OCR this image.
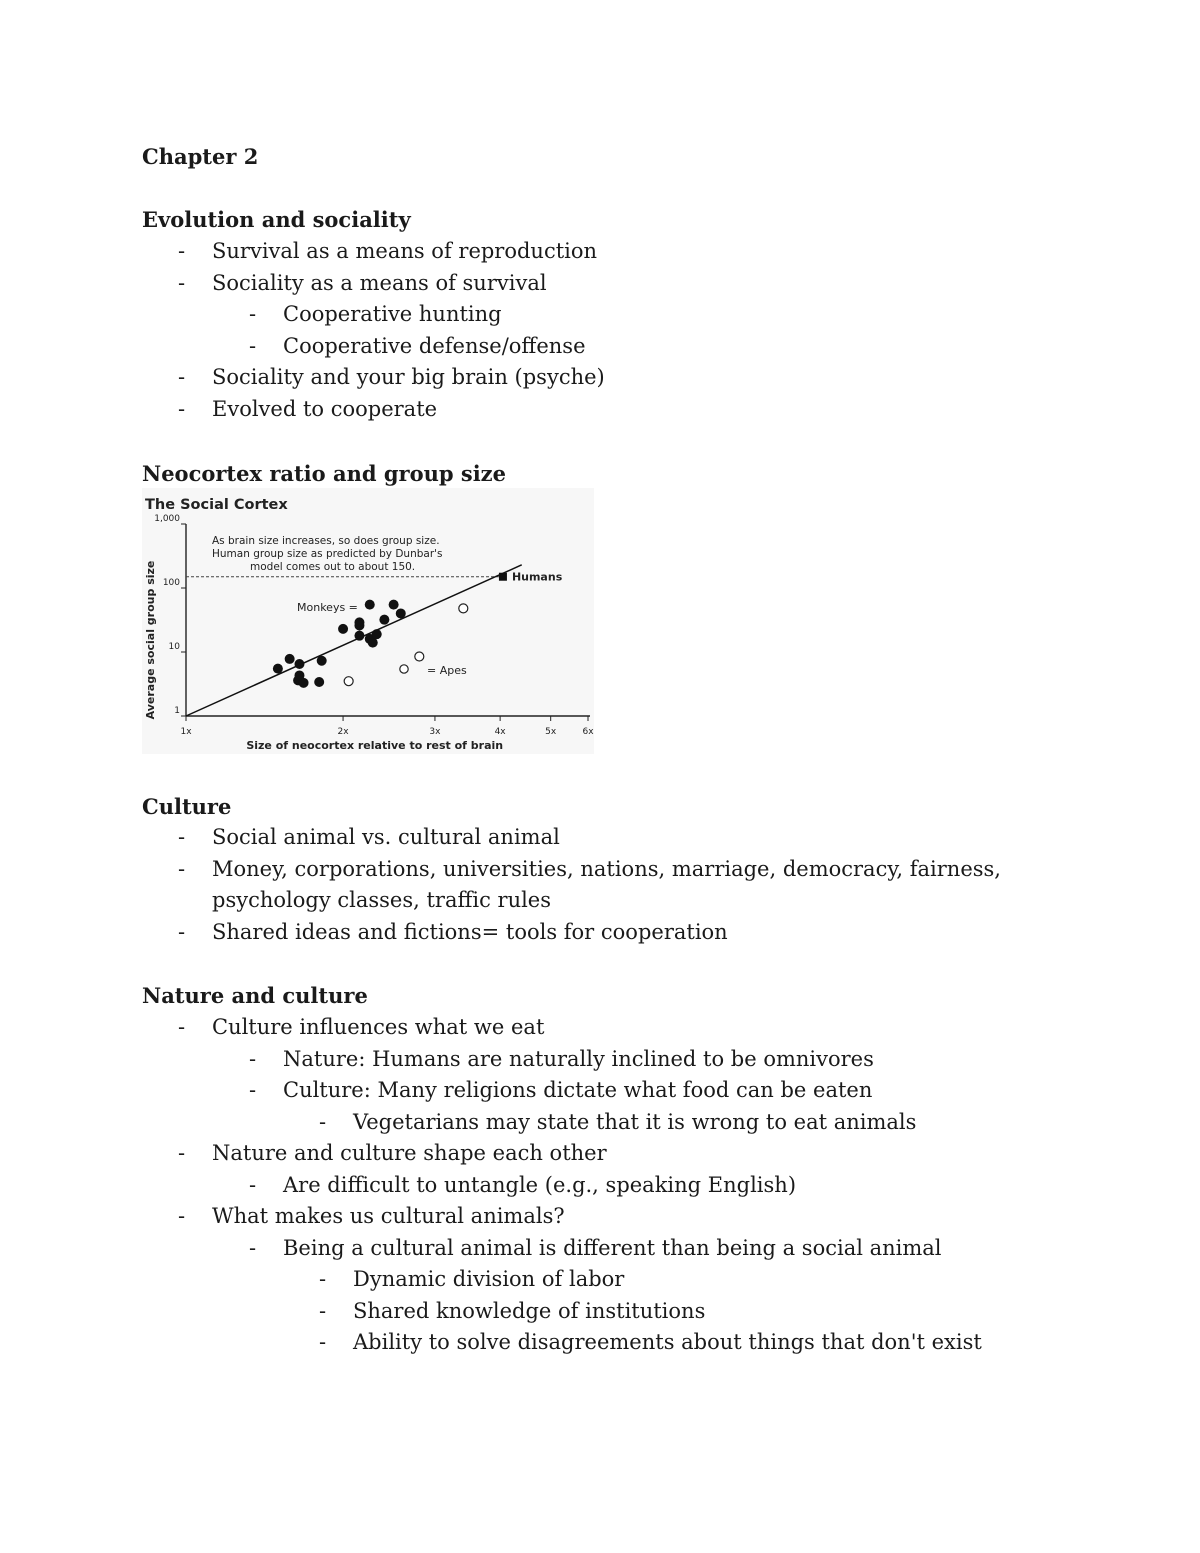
Chapter 2
Evolution and sociality
- Survival as a means of reproduction
- Sociality as a means of survival
- Cooperative hunting
- Cooperative defense/offense
- Sociality and your big brain (psyche)
- Evolved to cooperate
Neocortex ratio and group size
The Social Cortex
1
10
100
1,000
1x	2x	3x	4x	5x	6x
Size of neocortex relative to rest of brain
Average social group size	Humans
As brain size increases, so does group size.
Human group size as predicted by Dunbar's
model comes out to about 150.
Monkeys =
= Apes
Culture
- Social animal vs. cultural animal
- Money, corporations, universities, nations, marriage, democracy, fairness,
psychology classes, traffic rules
- Shared ideas and fictions= tools for cooperation
Nature and culture
- Culture influences what we eat
- Nature: Humans are naturally inclined to be omnivores
- Culture: Many religions dictate what food can be eaten
- Vegetarians may state that it is wrong to eat animals
- Nature and culture shape each other
- Are difficult to untangle (e.g., speaking English)
- What makes us cultural animals?
- Being a cultural animal is different than being a social animal
- Dynamic division of labor
- Shared knowledge of institutions
- Ability to solve disagreements about things that don't exist
